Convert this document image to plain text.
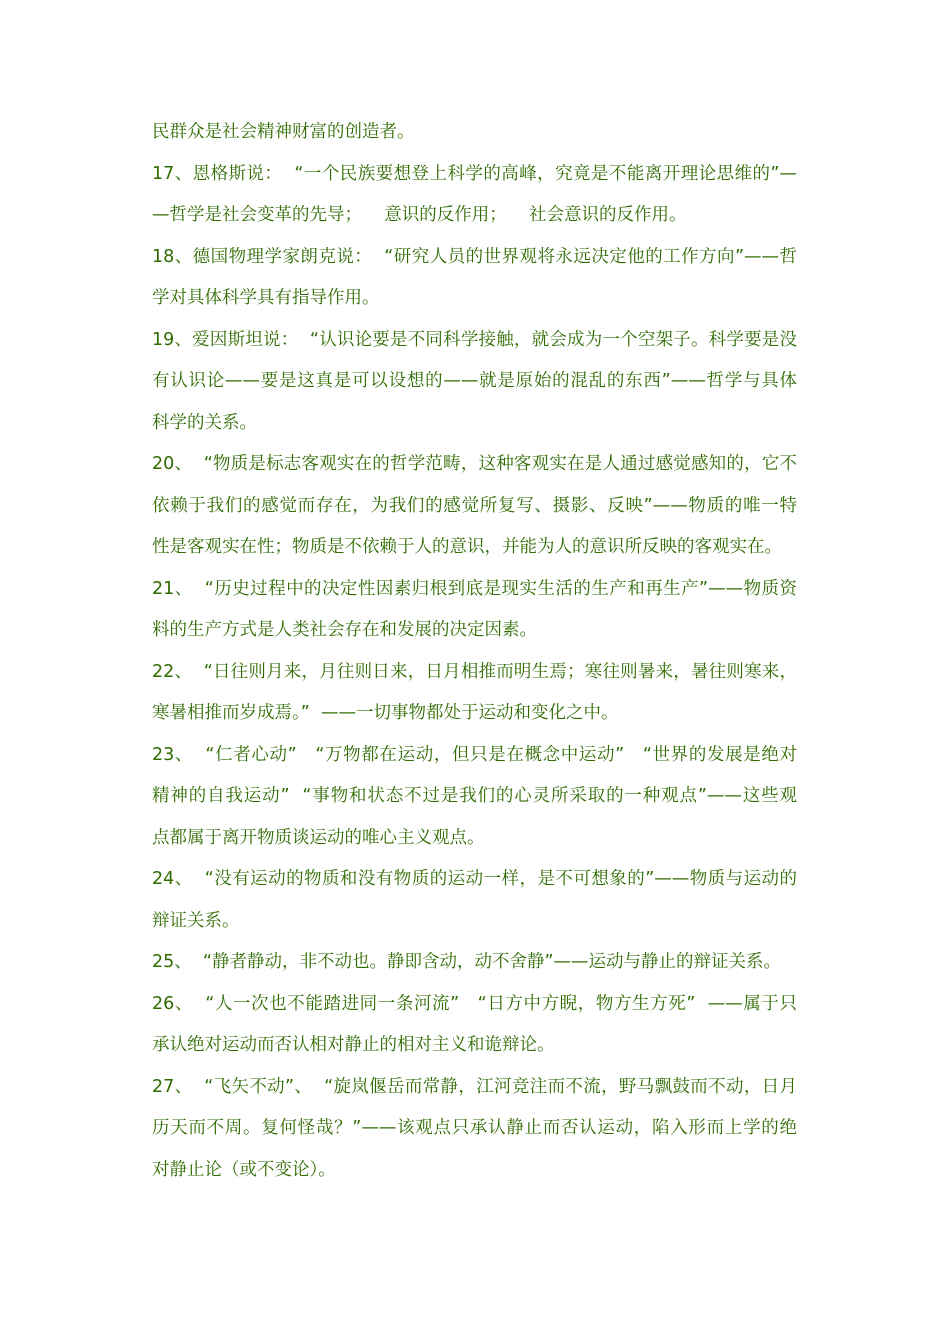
民群众是社会精神财富的创造者。
17、恩格斯说：  “一个民族要想登上科学的高峰，究竟是不能离开理论思维的”—
—哲学是社会变革的先导；    意识的反作用；    社会意识的反作用。
18、德国物理学家朗克说：  “研究人员的世界观将永远决定他的工作方向”——哲
学对具体科学具有指导作用。
19、爱因斯坦说：  “认识论要是不同科学接触，就会成为一个空架子。科学要是没
有认识论——要是这真是可以设想的——就是原始的混乱的东西”——哲学与具体
科学的关系。
20、  “物质是标志客观实在的哲学范畴，这种客观实在是人通过感觉感知的，它不
依赖于我们的感觉而存在，为我们的感觉所复写、摄影、反映”——物质的唯一特
性是客观实在性；物质是不依赖于人的意识，并能为人的意识所反映的客观实在。
21、  “历史过程中的决定性因素归根到底是现实生活的生产和再生产”——物质资
料的生产方式是人类社会存在和发展的决定因素。
22、  “日往则月来，月往则日来，日月相推而明生焉；寒往则暑来，暑往则寒来，
寒暑相推而岁成焉。”  ——一切事物都处于运动和变化之中。
23、  “仁者心动”   “万物都在运动，但只是在概念中运动”   “世界的发展是绝对
精神的自我运动”  “事物和状态不过是我们的心灵所采取的一种观点”——这些观
点都属于离开物质谈运动的唯心主义观点。
24、  “没有运动的物质和没有物质的运动一样，是不可想象的”——物质与运动的
辩证关系。
25、  “静者静动，非不动也。静即含动，动不舍静”——运动与静止的辩证关系。
26、  “人一次也不能踏进同一条河流”   “日方中方睨，物方生方死”  ——属于只
承认绝对运动而否认相对静止的相对主义和诡辩论。
27、  “飞矢不动”、  “旋岚偃岳而常静，江河竞注而不流，野马飘鼓而不动，日月
历天而不周。复何怪哉？”——该观点只承认静止而否认运动，陷入形而上学的绝
对静止论（或不变论）。
